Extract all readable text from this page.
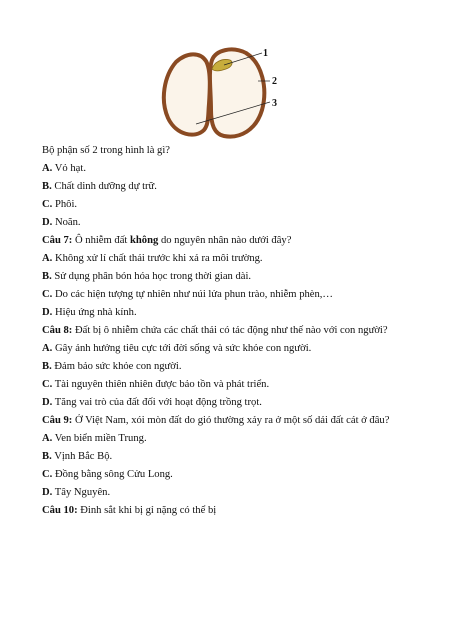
1
2
3
Bộ phận số 2 trong hình là gì?
A. Vỏ hạt.
B. Chất dinh dưỡng dự trữ.
C. Phôi.
D. Noãn.
Câu 7: Ô nhiễm đất không do nguyên nhân nào dưới đây?
A. Không xử lí chất thải trước khi xả ra môi trường.
B. Sử dụng phân bón hóa học trong thời gian dài.
C. Do các hiện tượng tự nhiên như núi lửa phun trào, nhiễm phèn,…
D. Hiệu ứng nhà kính.
Câu 8: Đất bị ô nhiễm chứa các chất thải có tác động như thế nào với con người?
A. Gây ảnh hưởng tiêu cực tới đời sống và sức khỏe con người.
B. Đảm bảo sức khỏe con người.
C. Tài nguyên thiên nhiên được bảo tồn và phát triển.
D. Tăng vai trò của đất đối với hoạt động trồng trọt.
Câu 9: Ở Việt Nam, xói mòn đất do gió thường xảy ra ở một số dải đất cát ở đâu?
A. Ven biển miền Trung.
B. Vịnh Bắc Bộ.
C. Đồng bằng sông Cửu Long.
D. Tây Nguyên.
Câu 10: Đinh sắt khi bị gỉ nặng có thể bị
